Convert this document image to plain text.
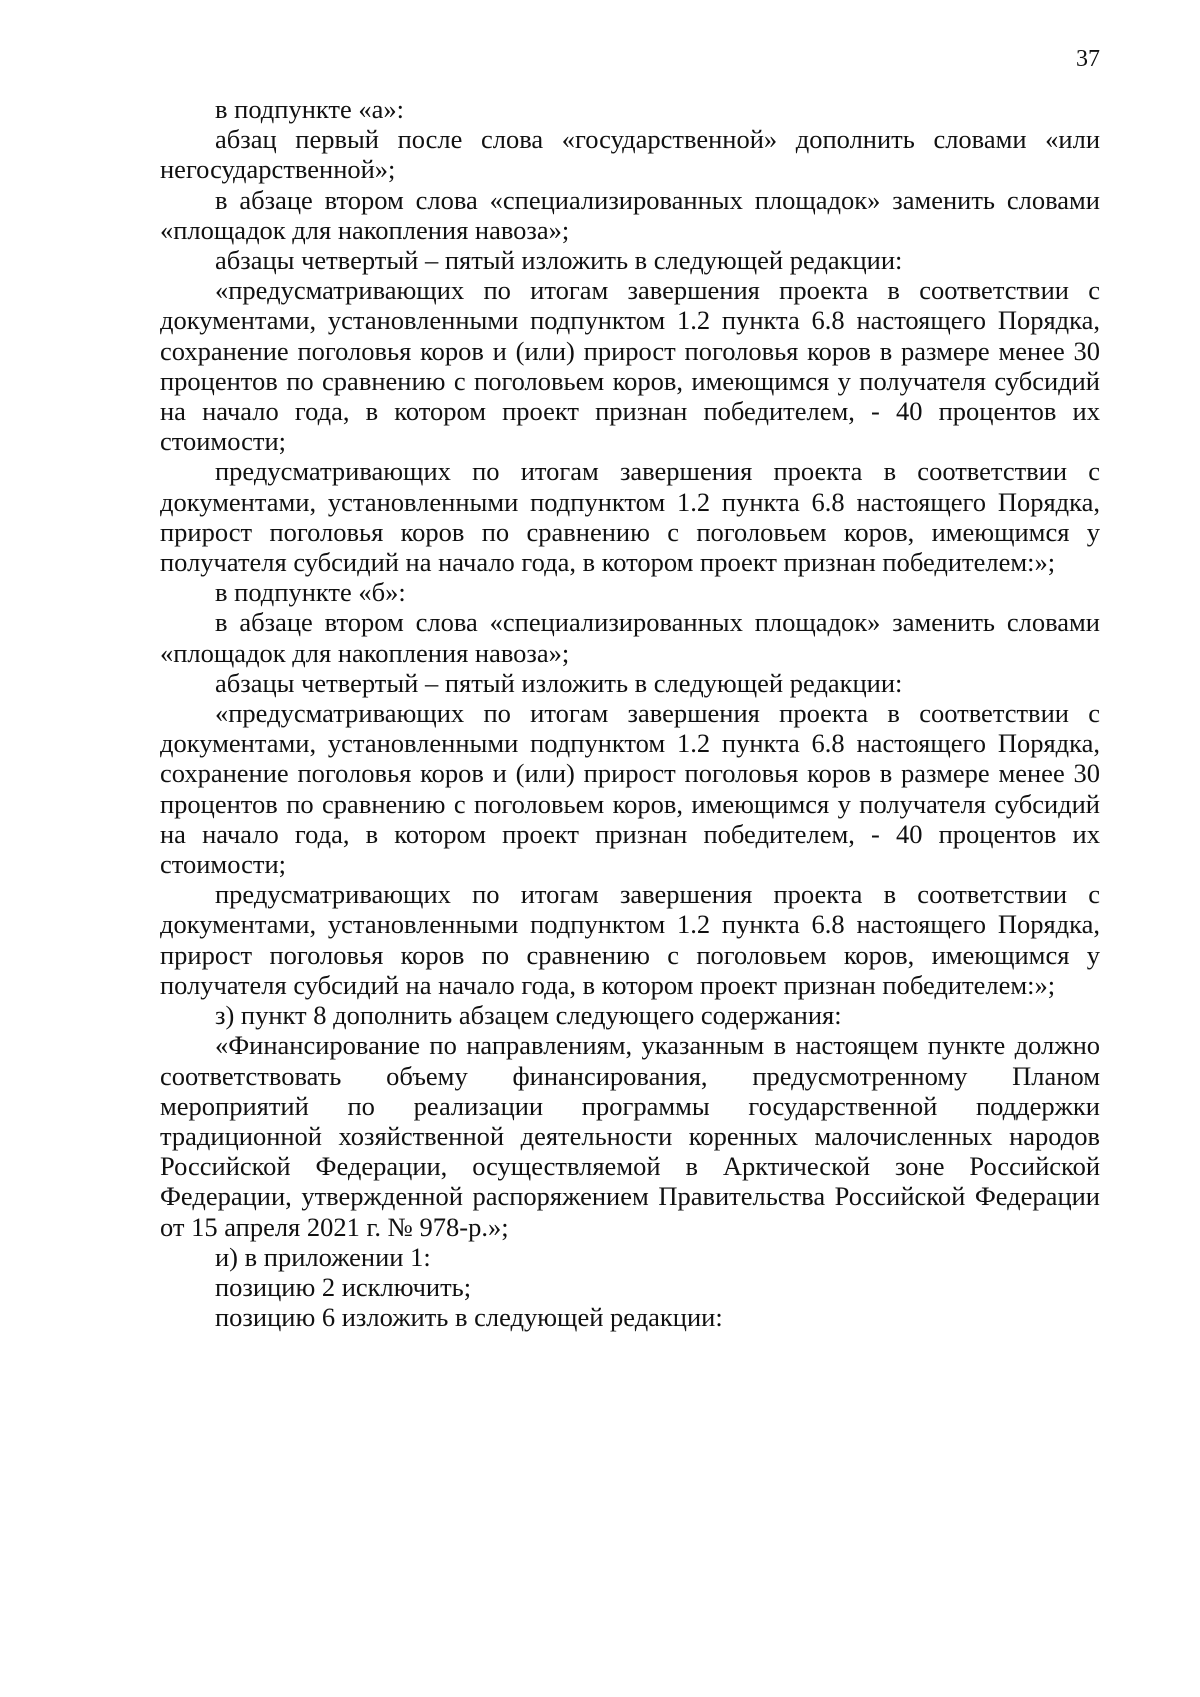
37

в подпункте «а»:

абзац первый после слова «государственной» дополнить словами «или негосударственной»;

в абзаце втором слова «специализированных площадок» заменить словами «площадок для накопления навоза»;

абзацы четвертый – пятый изложить в следующей редакции:

«предусматривающих по итогам завершения проекта в соответствии с документами, установленными подпунктом 1.2 пункта 6.8 настоящего Порядка, сохранение поголовья коров и (или) прирост поголовья коров в размере менее 30 процентов по сравнению с поголовьем коров, имеющимся у получателя субсидий на начало года, в котором проект признан победителем, - 40 процентов их стоимости;

предусматривающих по итогам завершения проекта в соответствии с документами, установленными подпунктом 1.2 пункта 6.8 настоящего Порядка, прирост поголовья коров по сравнению с поголовьем коров, имеющимся у получателя субсидий на начало года, в котором проект признан победителем:»;

в подпункте «б»:

в абзаце втором слова «специализированных площадок» заменить словами «площадок для накопления навоза»;

абзацы четвертый – пятый изложить в следующей редакции:

«предусматривающих по итогам завершения проекта в соответствии с документами, установленными подпунктом 1.2 пункта 6.8 настоящего Порядка, сохранение поголовья коров и (или) прирост поголовья коров в размере менее 30 процентов по сравнению с поголовьем коров, имеющимся у получателя субсидий на начало года, в котором проект признан победителем, - 40 процентов их стоимости;

предусматривающих по итогам завершения проекта в соответствии с документами, установленными подпунктом 1.2 пункта 6.8 настоящего Порядка, прирост поголовья коров по сравнению с поголовьем коров, имеющимся у получателя субсидий на начало года, в котором проект признан победителем:»;

з) пункт 8 дополнить абзацем следующего содержания:

«Финансирование по направлениям, указанным в настоящем пункте должно соответствовать объему финансирования, предусмотренному Планом мероприятий по реализации программы государственной поддержки традиционной хозяйственной деятельности коренных малочисленных народов Российской Федерации, осуществляемой в Арктической зоне Российской Федерации, утвержденной распоряжением Правительства Российской Федерации от 15 апреля 2021 г. № 978-р.»;

и) в приложении 1:

позицию 2 исключить;

позицию 6 изложить в следующей редакции:
